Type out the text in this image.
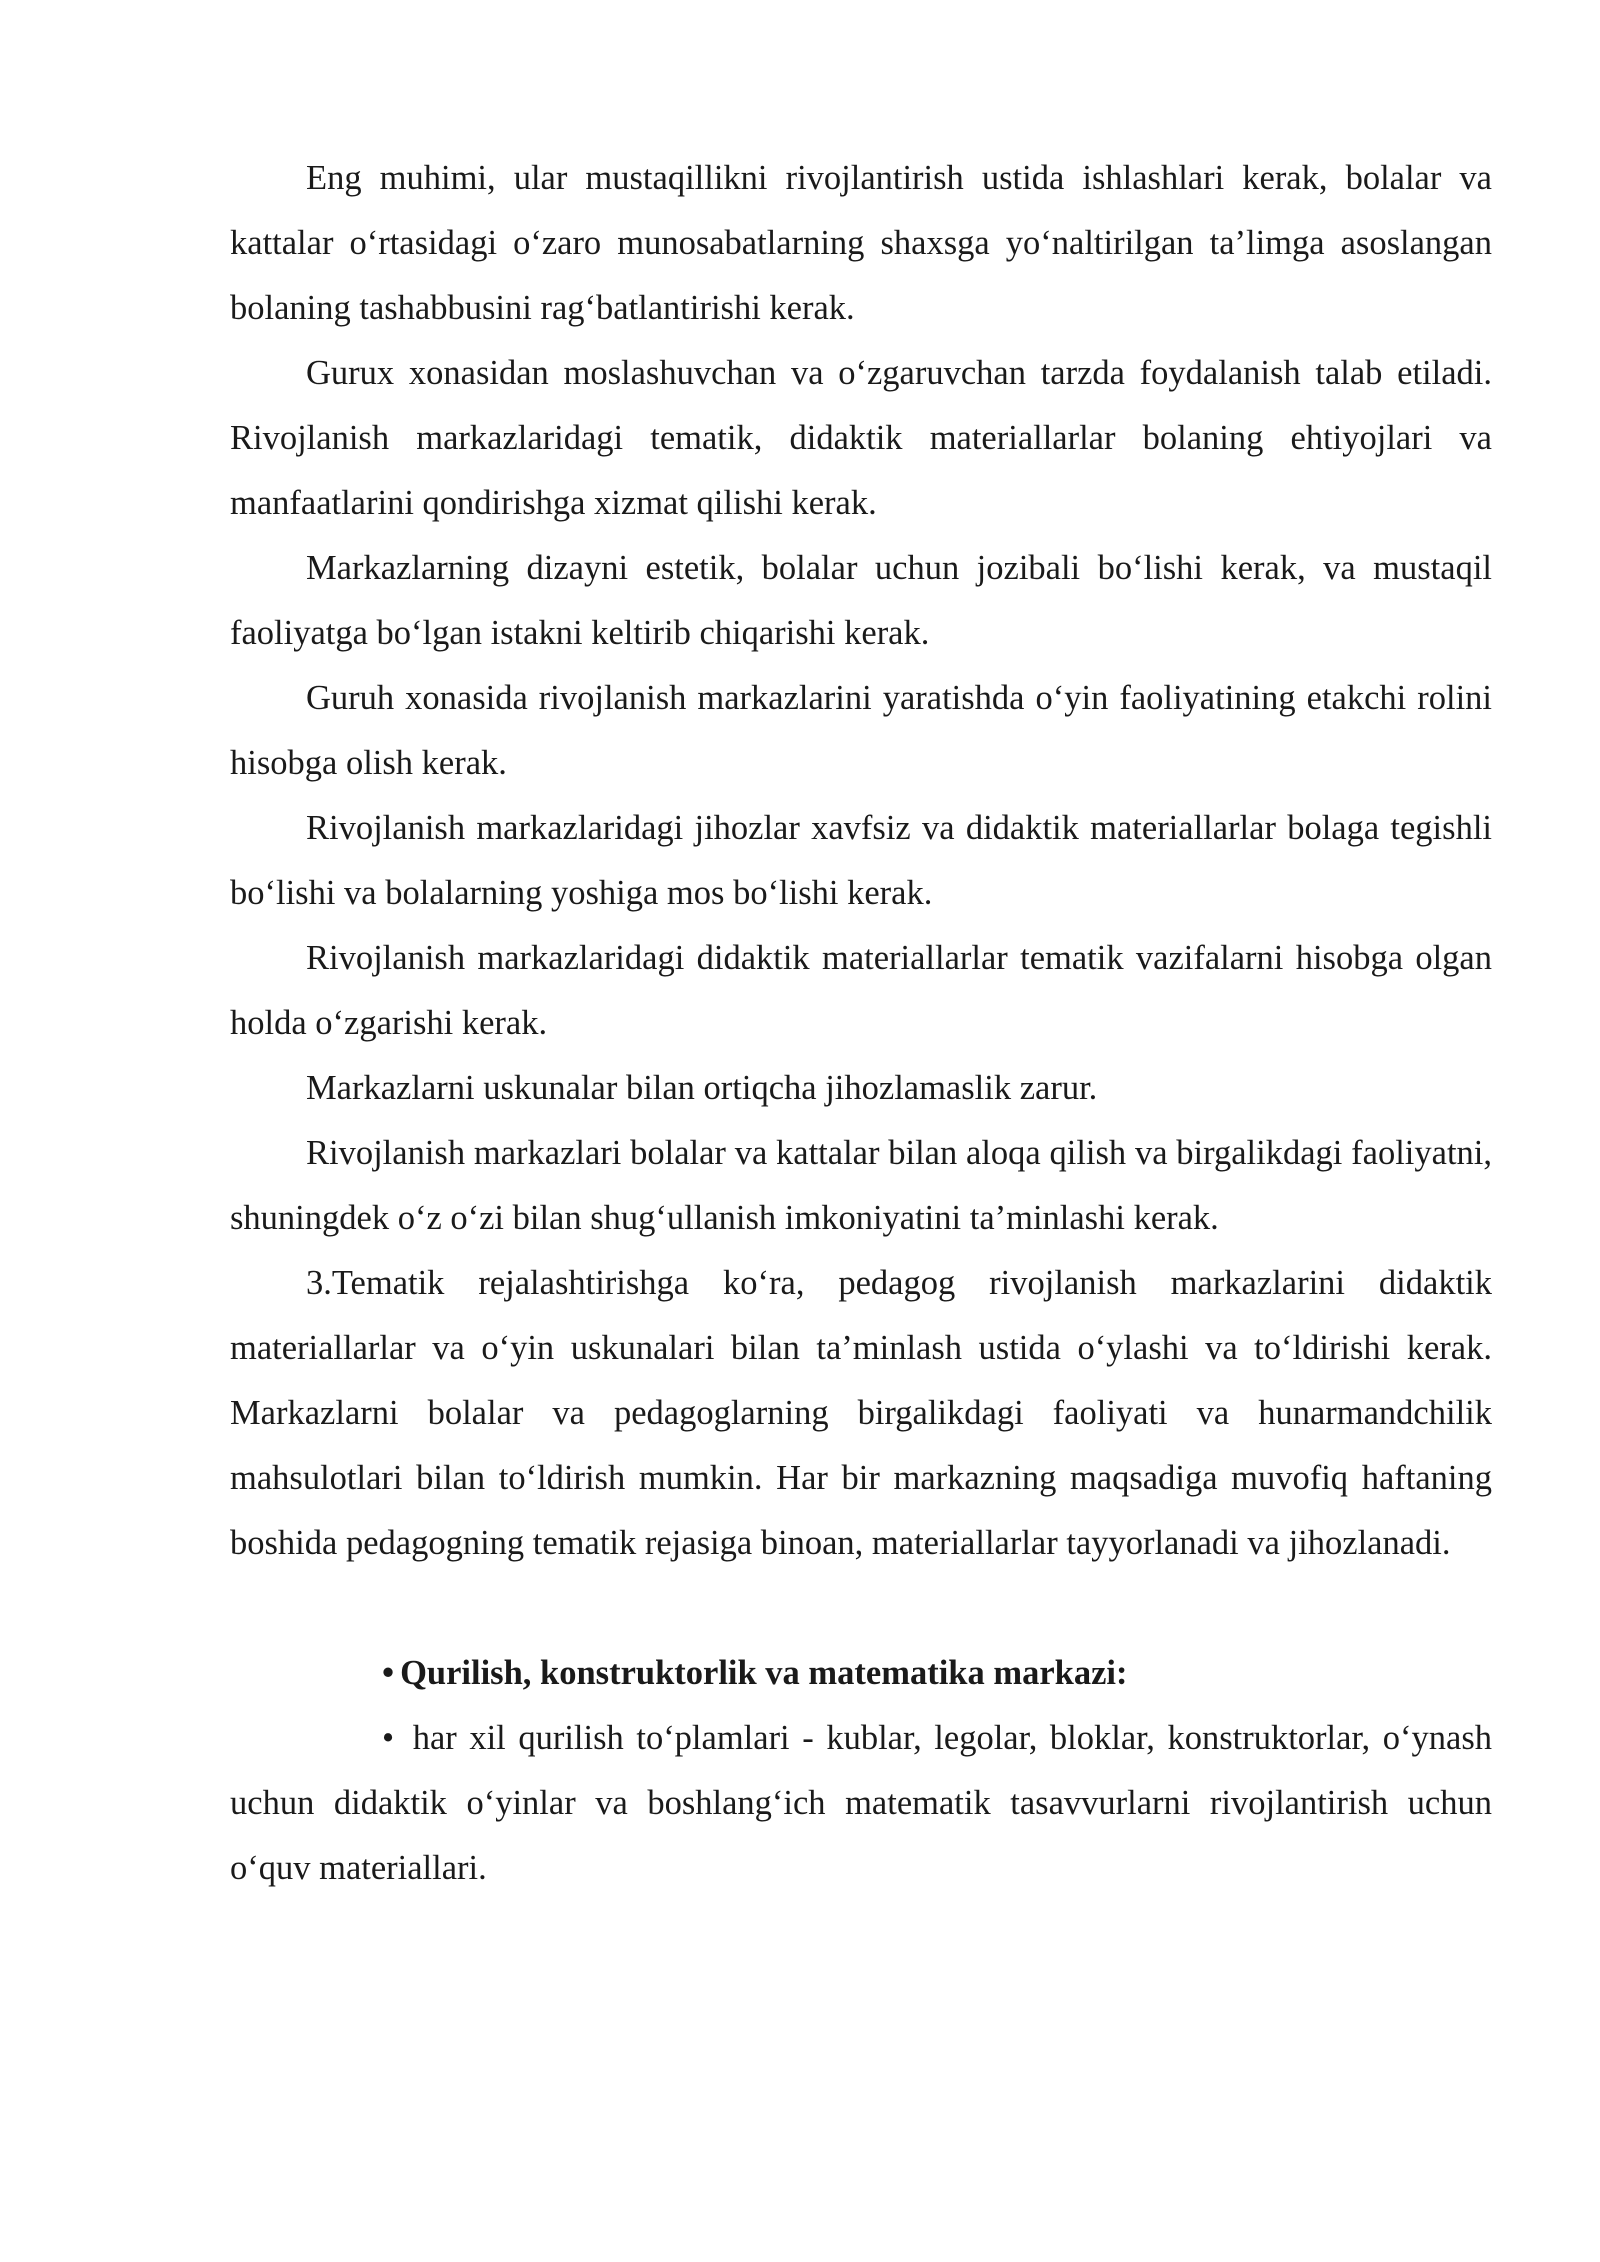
Eng muhimi, ular mustaqillikni rivojlantirish ustida ishlashlari kerak, bolalar va kattalar o‘rtasidagi o‘zaro munosabatlarning shaxsga yo‘naltirilgan ta’limga asoslangan bolaning tashabbusini rag‘batlantirishi kerak.

Gurux xonasidan moslashuvchan va o‘zgaruvchan tarzda foydalanish talab etiladi. Rivojlanish markazlaridagi tematik, didaktik materiallarlar bolaning ehtiyojlari va manfaatlarini qondirishga xizmat qilishi kerak.

Markazlarning dizayni estetik, bolalar uchun jozibali bo‘lishi kerak, va mustaqil faoliyatga bo‘lgan istakni keltirib chiqarishi kerak.

Guruh xonasida rivojlanish markazlarini yaratishda o‘yin faoliyatining etakchi rolini hisobga olish kerak.

Rivojlanish markazlaridagi jihozlar xavfsiz va didaktik materiallarlar bolaga tegishli bo‘lishi va bolalarning yoshiga mos bo‘lishi kerak.

Rivojlanish markazlaridagi didaktik materiallarlar tematik vazifalarni hisobga olgan holda o‘zgarishi kerak.

Markazlarni uskunalar bilan ortiqcha jihozlamaslik zarur.

Rivojlanish markazlari bolalar va kattalar bilan aloqa qilish va birgalikdagi faoliyatni, shuningdek o‘z o‘zi bilan shug‘ullanish imkoniyatini ta’minlashi kerak.

3.Tematik rejalashtirishga ko‘ra, pedagog rivojlanish markazlarini didaktik materiallarlar va o‘yin uskunalari bilan ta’minlash ustida o‘ylashi va to‘ldirishi kerak. Markazlarni bolalar va pedagoglarning birgalikdagi faoliyati va hunarmandchilik mahsulotlari bilan to‘ldirish mumkin. Har bir markazning maqsadiga muvofiq haftaning boshida pedagogning tematik rejasiga binoan, materiallarlar tayyorlanadi va jihozlanadi.

• Qurilish, konstruktorlik va matematika markazi:

• har xil qurilish to‘plamlari - kublar, legolar, bloklar, konstruktorlar, o‘ynash uchun didaktik o‘yinlar va boshlang‘ich matematik tasavvurlarni rivojlantirish uchun o‘quv materiallari.
